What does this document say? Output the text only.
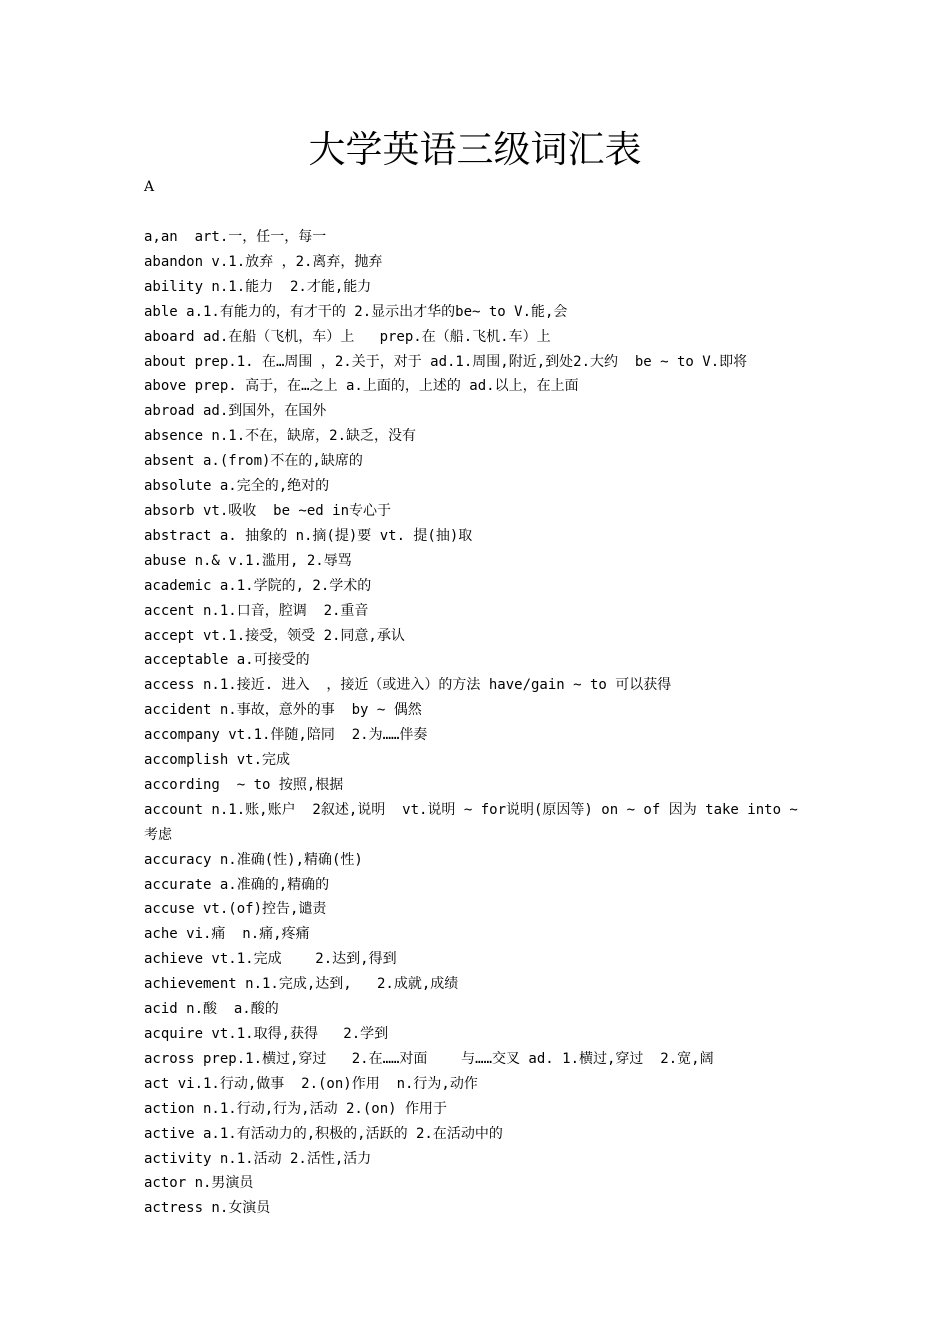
大学英语三级词汇表
A
a,an  art.一，任一，每一
abandon v.1.放弃 ，2.离弃，抛弃
ability n.1.能力  2.才能,能力
able a.1.有能力的，有才干的 2.显示出才华的be~ to V.能,会
aboard ad.在船（飞机，车）上   prep.在（船.飞机.车）上
about prep.1. 在…周围 ，2.关于，对于 ad.1.周围,附近,到处2.大约  be ~ to V.即将
above prep. 高于，在…之上 a.上面的，上述的 ad.以上，在上面
abroad ad.到国外，在国外
absence n.1.不在，缺席，2.缺乏，没有
absent a.(from)不在的,缺席的
absolute a.完全的,绝对的
absorb vt.吸收  be ~ed in专心于
abstract a. 抽象的 n.摘(提)要 vt. 提(抽)取
abuse n.& v.1.滥用, 2.辱骂
academic a.1.学院的, 2.学术的
accent n.1.口音，腔调  2.重音
accept vt.1.接受，领受 2.同意,承认
acceptable a.可接受的
access n.1.接近. 进入  ，接近（或进入）的方法 have/gain ~ to 可以获得
accident n.事故，意外的事  by ~ 偶然
accompany vt.1.伴随,陪同  2.为……伴奏
accomplish vt.完成
according  ~ to 按照,根据
account n.1.账,账户  2叙述,说明  vt.说明 ~ for说明(原因等) on ~ of 因为 take into ~ 考虑
accuracy n.准确(性),精确(性)
accurate a.准确的,精确的
accuse vt.(of)控告,谴责
ache vi.痛  n.痛,疼痛
achieve vt.1.完成    2.达到,得到
achievement n.1.完成,达到,   2.成就,成绩
acid n.酸  a.酸的
acquire vt.1.取得,获得   2.学到
across prep.1.横过,穿过   2.在……对面    与……交叉 ad. 1.横过,穿过  2.宽,阔
act vi.1.行动,做事  2.(on)作用  n.行为,动作
action n.1.行动,行为,活动 2.(on) 作用于
active a.1.有活动力的,积极的,活跃的 2.在活动中的
activity n.1.活动 2.活性,活力
actor n.男演员
actress n.女演员
